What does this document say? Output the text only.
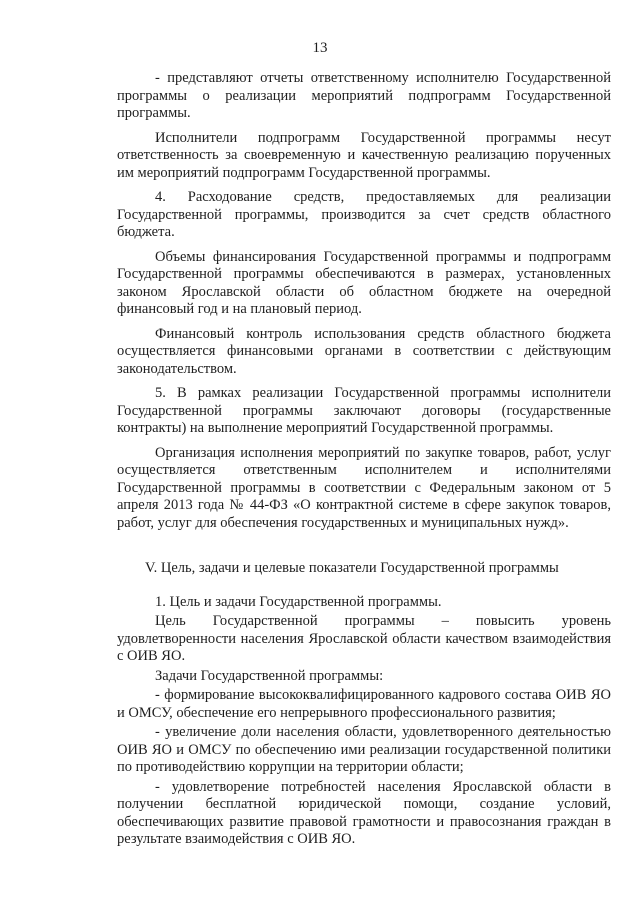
13

- представляют отчеты ответственному исполнителю Государственной программы о реализации мероприятий подпрограмм Государственной программы.

Исполнители подпрограмм Государственной программы несут ответственность за своевременную и качественную реализацию порученных им мероприятий подпрограмм Государственной программы.

4. Расходование средств, предоставляемых для реализации Государственной программы, производится за счет средств областного бюджета.

Объемы финансирования Государственной программы и подпрограмм Государственной программы обеспечиваются в размерах, установленных законом Ярославской области об областном бюджете на очередной финансовый год и на плановый период.

Финансовый контроль использования средств областного бюджета осуществляется финансовыми органами в соответствии с действующим законодательством.

5. В рамках реализации Государственной программы исполнители Государственной программы заключают договоры (государственные контракты) на выполнение мероприятий Государственной программы.

Организация исполнения мероприятий по закупке товаров, работ, услуг осуществляется ответственным исполнителем и исполнителями Государственной программы в соответствии с Федеральным законом от 5 апреля 2013 года № 44-ФЗ «О контрактной системе в сфере закупок товаров, работ, услуг для обеспечения государственных и муниципальных нужд».

V. Цель, задачи и целевые показатели Государственной программы

1. Цель и задачи Государственной программы.

Цель Государственной программы – повысить уровень удовлетворенности населения Ярославской области качеством взаимодействия с ОИВ ЯО.

Задачи Государственной программы:

- формирование высококвалифицированного кадрового состава ОИВ ЯО и ОМСУ, обеспечение его непрерывного профессионального развития;

- увеличение доли населения области, удовлетворенного деятельностью ОИВ ЯО и ОМСУ по обеспечению ими реализации государственной политики по противодействию коррупции на территории области;

- удовлетворение потребностей населения Ярославской области в получении бесплатной юридической помощи, создание условий, обеспечивающих развитие правовой грамотности и правосознания граждан в результате взаимодействия с ОИВ ЯО.
